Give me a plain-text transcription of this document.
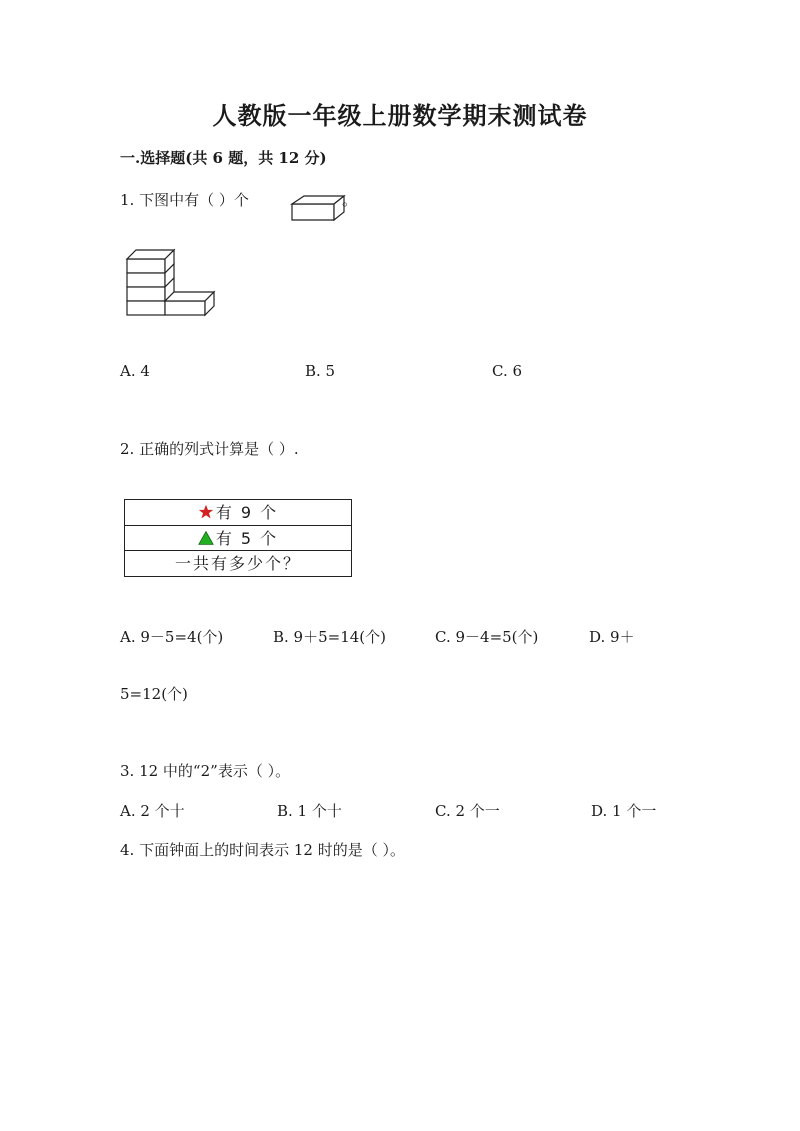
人教版一年级上册数学期末测试卷
一.选择题(共 6 题，共 12 分)
1. 下图中有（ ）个	。
A. 4	B. 5	C. 6
2. 正确的列式计算是（ ）.
有 9 个
有 5 个
一共有多少个？
A. 9－5=4(个)	B. 9＋5=14(个)	C. 9－4=5(个)	D. 9＋
5=12(个)
3. 12 中的“2”表示（ ）。
A. 2 个十	B. 1 个十	C. 2 个一	D. 1 个一
4. 下面钟面上的时间表示 12 时的是（ ）。
